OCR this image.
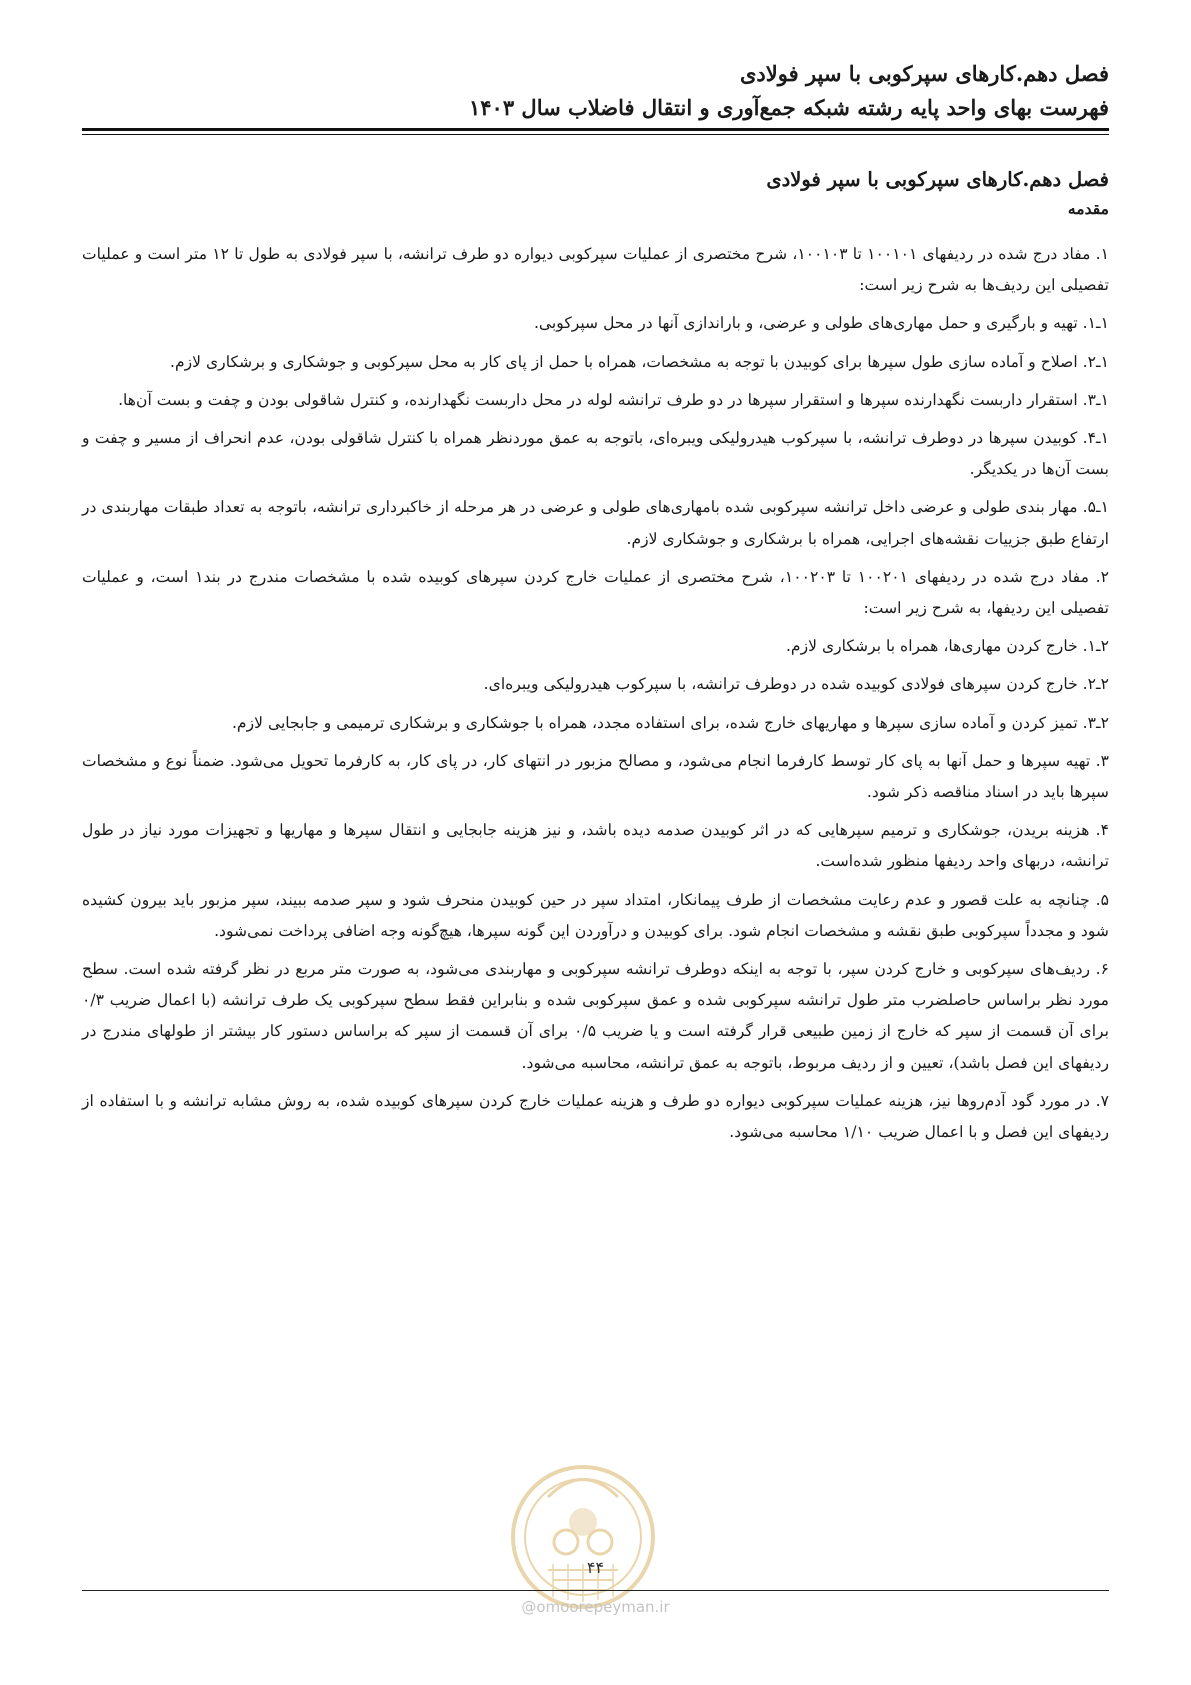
فصل دهم.کارهای سپرکوبی با سپر فولادی
فهرست بهای واحد پایه رشته شبکه جمع‌آوری و انتقال فاضلاب سال ۱۴۰۳
فصل دهم.کارهای سپرکوبی با سپر فولادی
مقدمه

۱. مفاد درج شده در ردیفهای ۱۰۰۱۰۱ تا ۱۰۰۱۰۳، شرح مختصری از عملیات سپرکوبی دیواره دو طرف ترانشه، با سپر فولادی به طول تا ۱۲ متر است و عملیات تفصیلی این ردیف‌ها به شرح زیر است:

۱ـ۱. تهیه و بارگیری و حمل مهاری‌های طولی و عرضی، و باراندازی آنها در محل سپرکوبی.

۱ـ۲. اصلاح و آماده سازی طول سپرها برای کوبیدن با توجه به مشخصات، همراه با حمل از پای کار به محل سپرکوبی و جوشکاری و برشکاری لازم.

۱ـ۳. استقرار داربست نگهدارنده سپرها و استقرار سپرها در دو طرف ترانشه لوله در محل داربست نگهدارنده، و کنترل شاقولی بودن و چفت و بست آن‌ها.

۱ـ۴. کوبیدن سپرها در دوطرف ترانشه، با سپرکوب هیدرولیکی ویبره‌ای، باتوجه به عمق موردنظر همراه با کنترل شاقولی بودن، عدم انحراف از مسیر و چفت و بست آن‌ها در یکدیگر.

۱ـ۵. مهار بندی طولی و عرضی داخل ترانشه سپرکوبی شده بامهاری‌های طولی و عرضی در هر مرحله از خاکبرداری ترانشه، باتوجه به تعداد طبقات مهاربندی در ارتفاع طبق جزییات نقشه‌های اجرایی، همراه با برشکاری و جوشکاری لازم.

۲. مفاد درج شده در ردیفهای ۱۰۰۲۰۱ تا ۱۰۰۲۰۳، شرح مختصری از عملیات خارج کردن سپرهای کوبیده شده با مشخصات مندرج در بند۱ است، و عملیات تفصیلی این ردیفها، به شرح زیر است:

۲ـ۱. خارج کردن مهاری‌ها، همراه با برشکاری لازم.

۲ـ۲. خارج کردن سپرهای فولادی کوبیده شده در دوطرف ترانشه، با سپرکوب هیدرولیکی ویبره‌ای.

۲ـ۳. تمیز کردن و آماده سازی سپرها و مهاریهای خارج شده، برای استفاده مجدد، همراه با جوشکاری و برشکاری ترمیمی و جابجایی لازم.

۳. تهیه سپرها و حمل آنها به پای کار توسط کارفرما انجام می‌شود، و مصالح مزبور در انتهای کار، در پای کار، به کارفرما تحویل می‌شود. ضمناً نوع و مشخصات سپرها باید در اسناد مناقصه ذکر شود.

۴. هزینه بریدن، جوشکاری و ترمیم سپرهایی که در اثر کوبیدن صدمه دیده باشد، و نیز هزینه جابجایی و انتقال سپرها و مهاریها و تجهیزات مورد نیاز در طول ترانشه، دربهای واحد ردیفها منظور شده‌است.

۵. چنانچه به علت قصور و عدم رعایت مشخصات از طرف پیمانکار، امتداد سپر در حین کوبیدن منحرف شود و سپر صدمه ببیند، سپر مزبور باید بیرون کشیده شود و مجدداً سپرکوبی طبق نقشه و مشخصات انجام شود. برای کوبیدن و درآوردن این گونه سپرها، هیچ‌گونه وجه اضافی پرداخت نمی‌شود.

۶. ردیف‌های سپرکوبی و خارج کردن سپر، با توجه به اینکه دوطرف ترانشه سپرکوبی و مهاربندی می‌شود، به صورت متر مربع در نظر گرفته شده است. سطح مورد نظر براساس حاصلضرب متر طول ترانشه سپرکوبی شده و عمق سپرکوبی شده و بنابراین فقط سطح سپرکوبی یک طرف ترانشه (با اعمال ضریب ۰/۳ برای آن قسمت از سپر که خارج از زمین طبیعی قرار گرفته است و یا ضریب ۰/۵ برای آن قسمت از سپر که براساس دستور کار بیشتر از طولهای مندرج در ردیفهای این فصل باشد)، تعیین و از ردیف مربوط، باتوجه به عمق ترانشه، محاسبه می‌شود.

۷. در مورد گود آدم‌روها نیز، هزینه عملیات سپرکوبی دیواره دو طرف و هزینه عملیات خارج کردن سپرهای کوبیده شده، به روش مشابه ترانشه و با استفاده از ردیفهای این فصل و با اعمال ضریب ۱/۱۰ محاسبه می‌شود.

۴۴
@omoorepeyman.ir
